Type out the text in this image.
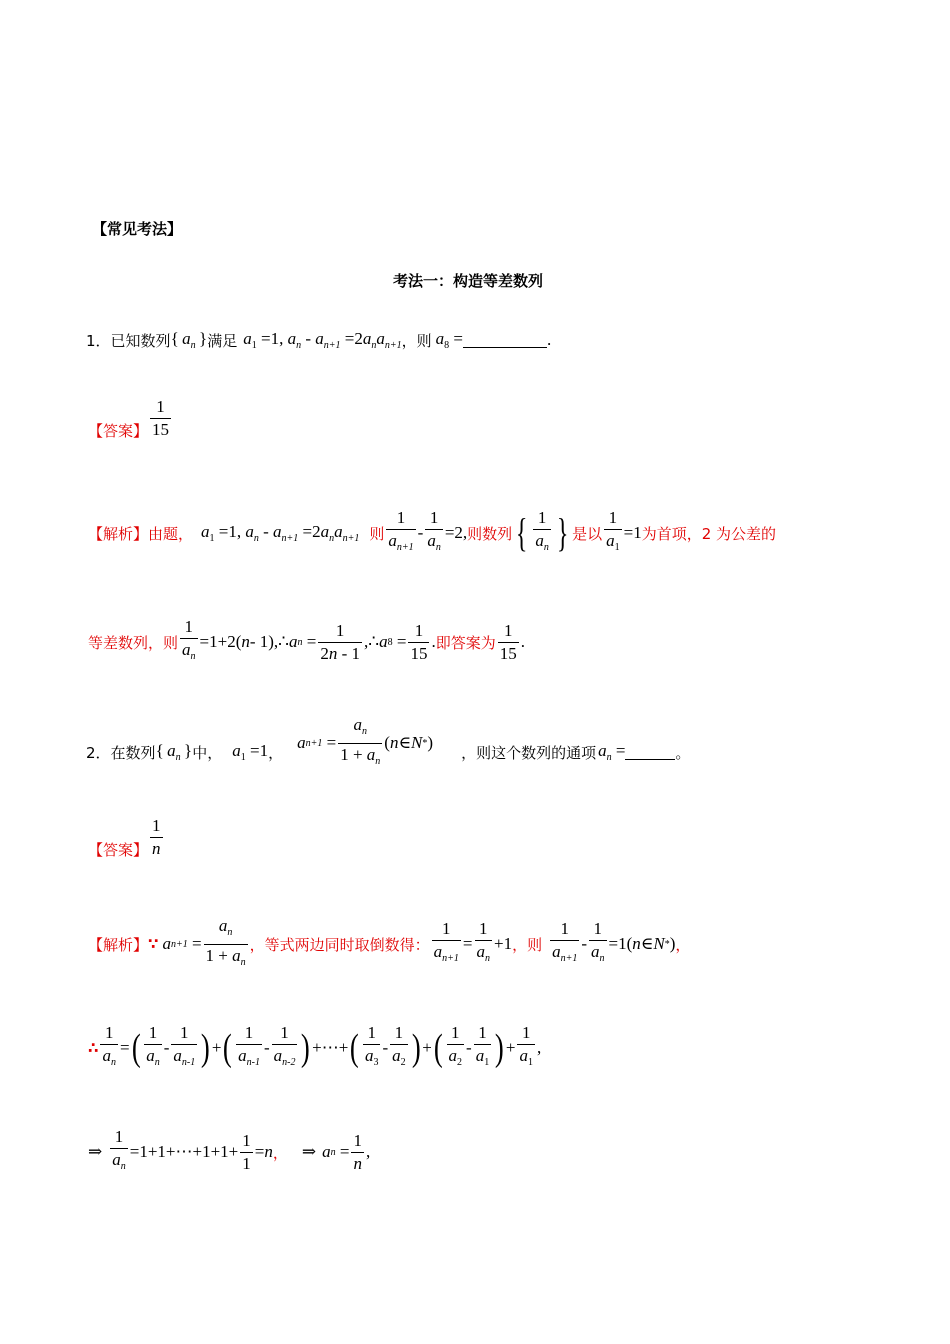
【常见考法】
考法一：构造等差数列
1． 已知数列 { $a_n$ } 满足 $a_1 =1$, $a_n - a_{n+1} =2a_na_{n+1}$ ，则 $a_8$ =	.
【答案】 $\frac{1}{15}$
【解析】 由题， $a_1 =1$, $a_n - a_{n+1} =2a_na_{n+1}$ 则 $\frac{1}{a_{n+1}} - \frac{1}{a_n} =2$, 则数列 { $\frac{1}{a_n}$ } 是以 $\frac{1}{a_1} =1$ 为首项，2 为公差的
等差数列，则 $\frac{1}{a_n} =1+2$( n - 1),∴ a $n = \frac{1}{2n - 1}$ ,∴ a $8 = \frac{1}{15}$ . 即答案为 $\frac{1}{15}$ .
2． 在数列 { $a_n$ } 中， $a_1 =1$ ，
a $n+1 = \frac{a_n}{1 + a_n}$ ( n ∈ N * )
，则这个数列的通项 $a_n$ =	。
【答案】 $\frac{1}{n}$
【解析】 ∵ a $n+1 = \frac{a_n}{1 + a_n}$ ，等式两边同时取倒数得： $\frac{1}{a_{n+1}} = \frac{1}{a_n} +1$ ，则 $\frac{1}{a_{n+1}} - \frac{1}{a_n} =1$( n ∈ N * ) ，
∴ $\frac{1}{a_n}$ = ( $\frac{1}{a_n} - \frac{1}{a_{n-1}}$ ) + ( $\frac{1}{a_{n-1}} - \frac{1}{a_{n-2}}$ ) +⋯+ ( $\frac{1}{a_3} - \frac{1}{a_2}$ ) + ( $\frac{1}{a_2} - \frac{1}{a_1}$ ) + $\frac{1}{a_1}$ ,
⇒ $\frac{1}{a_n}$ =1+1+⋯+1+1+ $\frac{1}{1} = n$ ， ⇒ a $n = \frac{1}{n}$ ,
